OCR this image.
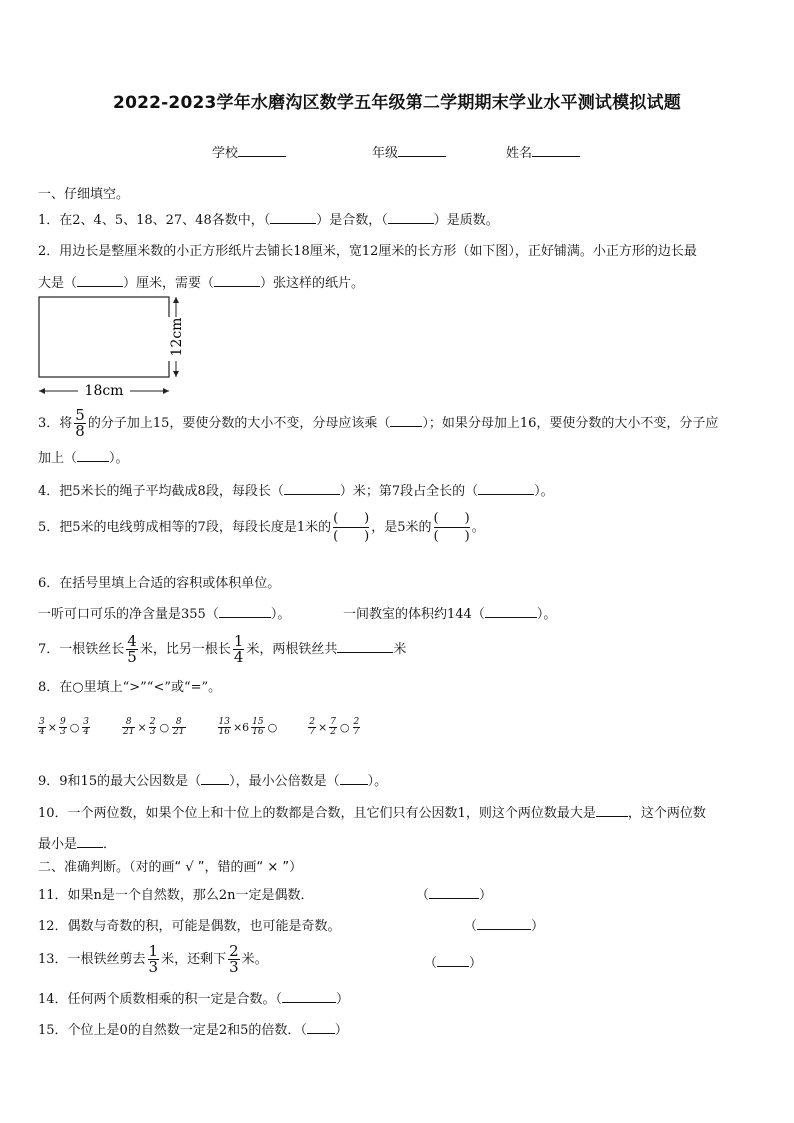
2022-2023学年水磨沟区数学五年级第二学期期末学业水平测试模拟试题
学校	年级	姓名
一、仔细填空。
1．在2、4、5、18、27、48各数中，（	）是合数，（	）是质数。
2．用边长是整厘米数的小正方形纸片去铺长18厘米，宽12厘米的长方形（如下图），正好铺满。小正方形的边长最
大是（	）厘米，需要（	）张这样的纸片。
18cm
12cm
3．将 $\frac{5}{8}$ 的分子加上15，要使分数的大小不变，分母应该乘（ ）；如果分母加上16，要使分数的大小不变，分子应
加上（ ）。
4．把5米长的绳子平均截成8段，每段长（	）米；第7段占全长的（	）。
5．把5米的电线剪成相等的7段，每段长度是1米的
(　　)
(　　)
，是5米的
(　　)
(　　)
。
6．在括号里填上合适的容积或体积单位。
一听可口可乐的净含量是355（	）。	一间教室的体积约144（	）。
7．一根铁丝长 $\frac{4}{5}$ 米，比另一根长 $\frac{1}{4}$ 米，两根铁丝共	米
8．在○里填上“>”“<”或“=”。
$\frac{3}{4} \times \frac{9}{3}$ ○ $\frac{3}{4}$	$\frac{8}{21} \times \frac{2}{3}$ ○ $\frac{8}{21}$	$\frac{13}{16} \times 6 \frac{15}{16}$ ○	$\frac{2}{7} \times \frac{7}{2}$ ○ $\frac{2}{7}$
9．9和15的最大公因数是（ ），最小公倍数是（ ）。
10．一个两位数，如果个位上和十位上的数都是合数，且它们只有公因数1，则这个两位数最大是 ，这个两位数
最小是 ．
二、准确判断。（对的画“ √ ”，错的画“ × ”）
11．如果n是一个自然数，那么2n一定是偶数．	（	）
12．偶数与奇数的积，可能是偶数，也可能是奇数。	（	）
13．一根铁丝剪去 $\frac{1}{3}$ 米，还剩下 $\frac{2}{3}$ 米。	（ ）
14．任何两个质数相乘的积一定是合数。（	）
15．个位上是0的自然数一定是2和5的倍数．（ ）
